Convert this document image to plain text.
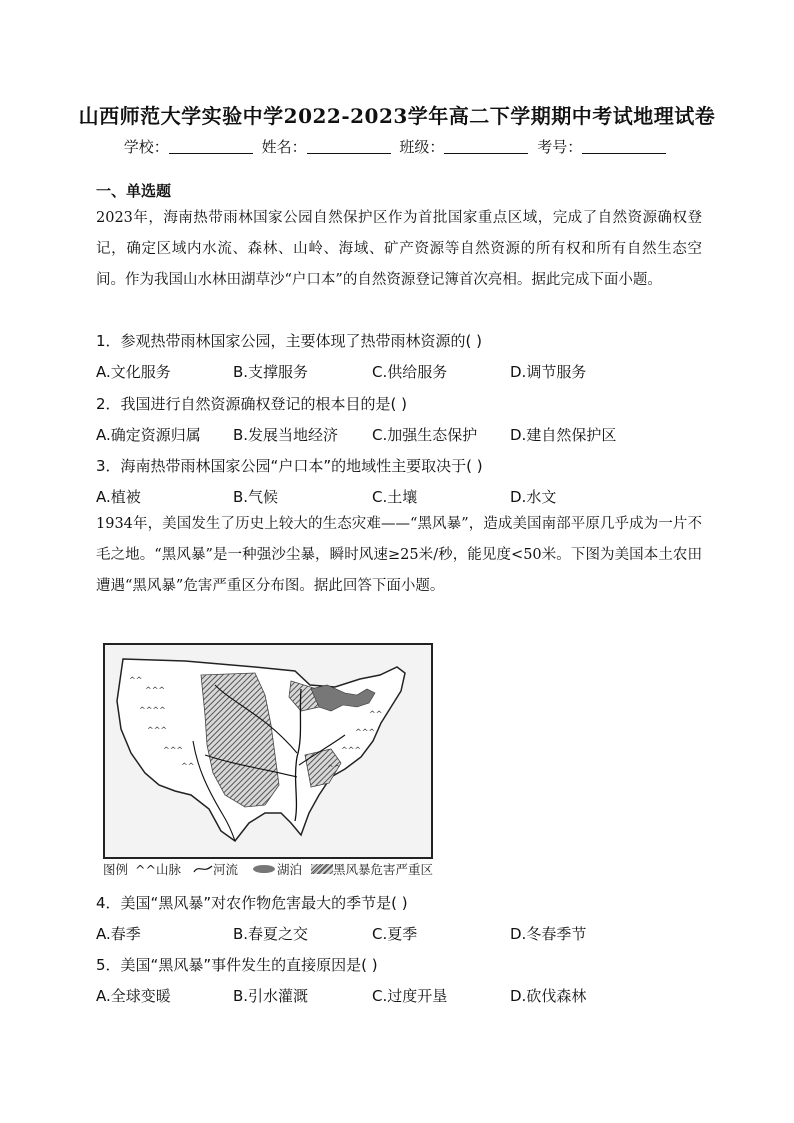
山西师范大学实验中学2022-2023学年高二下学期期中考试地理试卷
学校：	姓名：	班级：	考号：
一、单选题
2023年，海南热带雨林国家公园自然保护区作为首批国家重点区域，完成了自然资源确权登记，确定区域内水流、森林、山岭、海域、矿产资源等自然资源的所有权和所有自然生态空间。作为我国山水林田湖草沙“户口本”的自然资源登记簿首次亮相。据此完成下面小题。
1．参观热带雨林国家公园，主要体现了热带雨林资源的( )
A.文化服务	B.支撑服务	C.供给服务	D.调节服务
2．我国进行自然资源确权登记的根本目的是( )
A.确定资源归属 B.发展当地经济 C.加强生态保护 D.建自然保护区
3．海南热带雨林国家公园“户口本”的地域性主要取决于( )
A.植被	B.气候	C.土壤	D.水文
1934年，美国发生了历史上较大的生态灾难——“黑风暴”，造成美国南部平原几乎成为一片不毛之地。“黑风暴”是一种强沙尘暴，瞬时风速≥25米/秒，能见度<50米。下图为美国本土农田遭遇“黑风暴”危害严重区分布图。据此回答下面小题。
^^^
^^^^
^^^
^^^
^^
^^
^^^
^^^
^^
^^
图例 ^^山脉	河流	湖泊	黑风暴危害严重区
4．美国“黑风暴”对农作物危害最大的季节是( )
A.春季	B.春夏之交	C.夏季	D.冬春季节
5．美国“黑风暴”事件发生的直接原因是( )
A.全球变暖	B.引水灌溉	C.过度开垦	D.砍伐森林
